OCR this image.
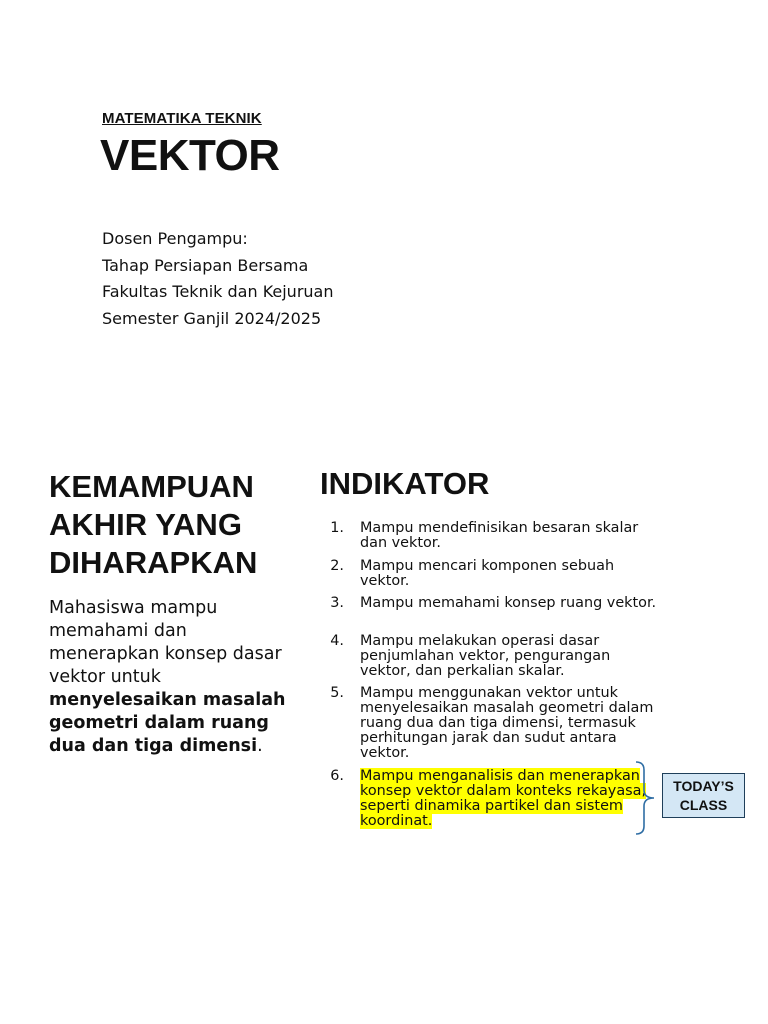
MATEMATIKA TEKNIK
VEKTOR
Dosen Pengampu:
Tahap Persiapan Bersama
Fakultas Teknik dan Kejuruan
Semester Ganjil 2024/2025
KEMAMPUAN AKHIR YANG DIHARAPKAN
Mahasiswa mampu memahami dan menerapkan konsep dasar vektor untuk menyelesaikan masalah geometri dalam ruang dua dan tiga dimensi.
INDIKATOR
1. Mampu mendefinisikan besaran skalar dan vektor.
2. Mampu mencari komponen sebuah vektor.
3. Mampu memahami konsep ruang vektor.
4. Mampu melakukan operasi dasar penjumlahan vektor, pengurangan vektor, dan perkalian skalar.
5. Mampu menggunakan vektor untuk menyelesaikan masalah geometri dalam ruang dua dan tiga dimensi, termasuk perhitungan jarak dan sudut antara vektor.
6. Mampu menganalisis dan menerapkan konsep vektor dalam konteks rekayasa, seperti dinamika partikel dan sistem koordinat.
TODAY’S
CLASS
